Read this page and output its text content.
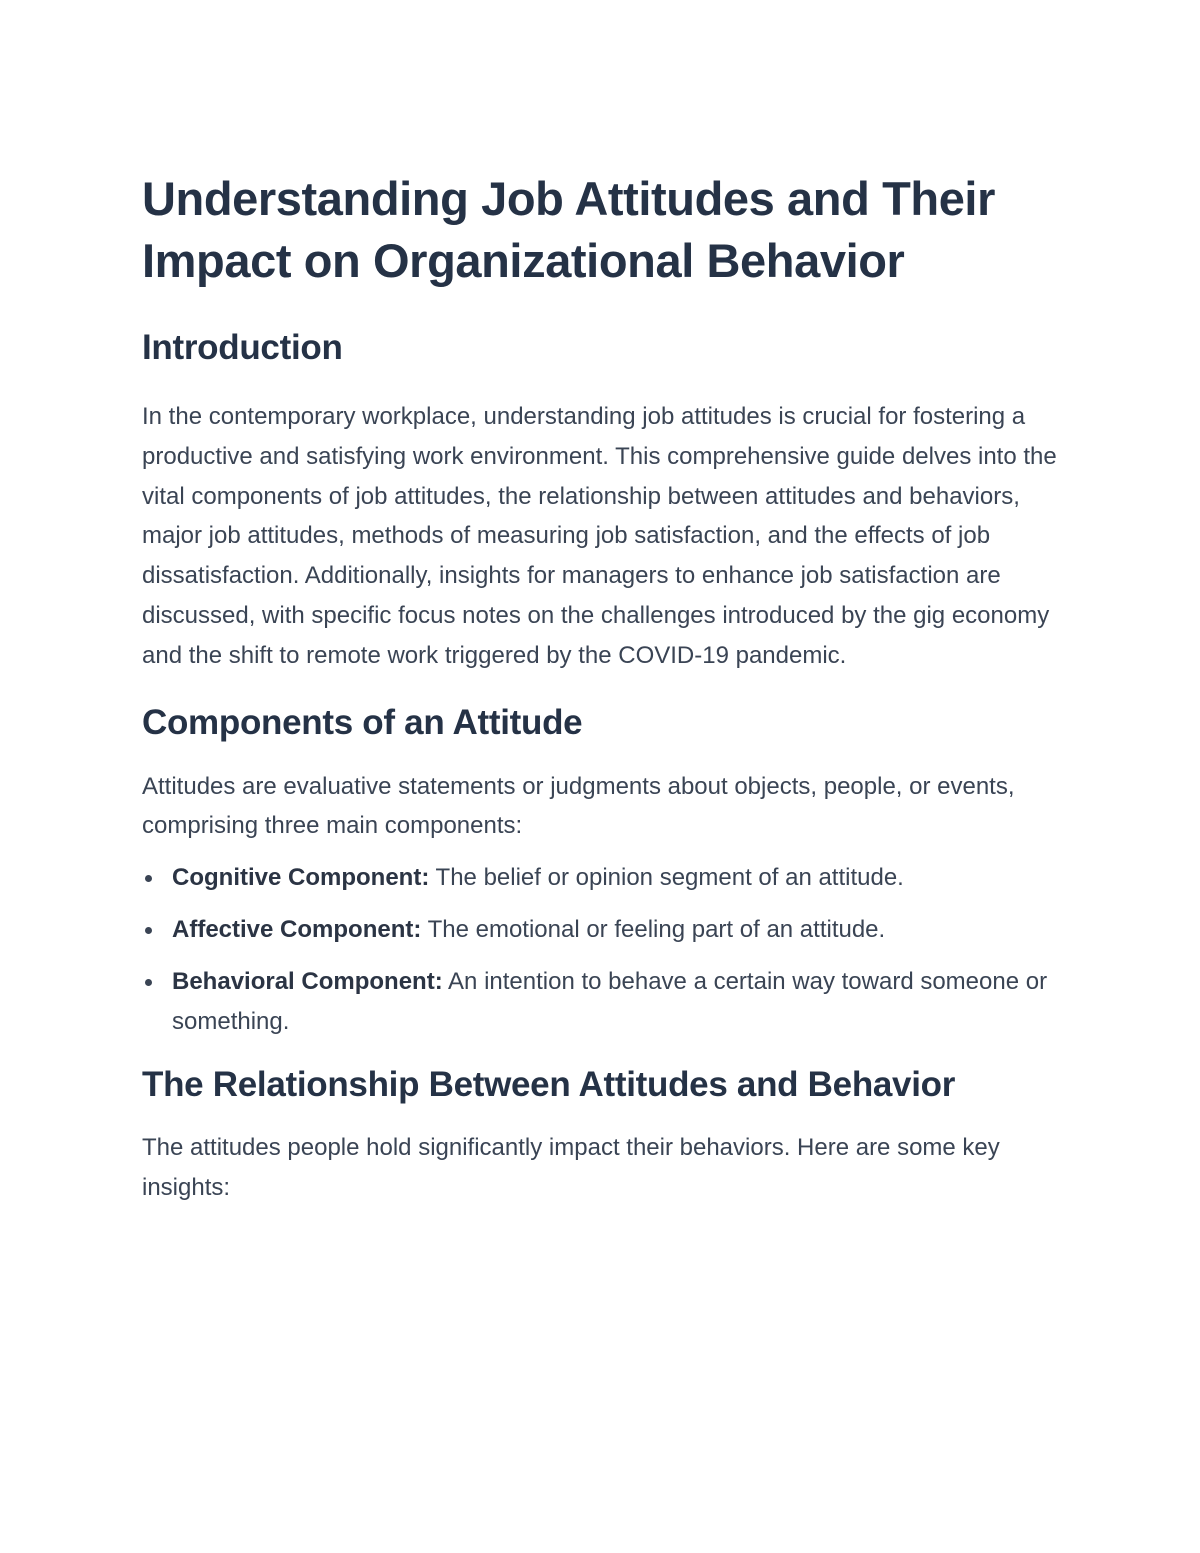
Understanding Job Attitudes and Their Impact on Organizational Behavior
Introduction

In the contemporary workplace, understanding job attitudes is crucial for fostering a productive and satisfying work environment. This comprehensive guide delves into the vital components of job attitudes, the relationship between attitudes and behaviors, major job attitudes, methods of measuring job satisfaction, and the effects of job dissatisfaction. Additionally, insights for managers to enhance job satisfaction are discussed, with specific focus notes on the challenges introduced by the gig economy and the shift to remote work triggered by the COVID-19 pandemic.

Components of an Attitude

Attitudes are evaluative statements or judgments about objects, people, or events, comprising three main components:

Cognitive Component: The belief or opinion segment of an attitude.
Affective Component: The emotional or feeling part of an attitude.
Behavioral Component: An intention to behave a certain way toward someone or something.
The Relationship Between Attitudes and Behavior

The attitudes people hold significantly impact their behaviors. Here are some key insights:
